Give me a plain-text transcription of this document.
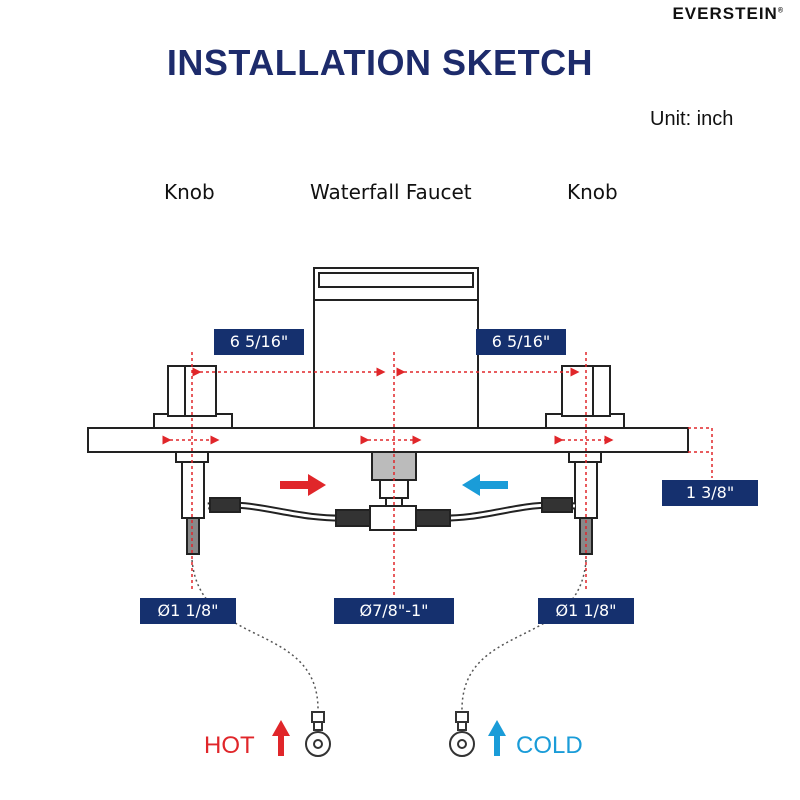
EVERSTEIN®
INSTALLATION SKETCH
Unit: inch
Knob	Waterfall Faucet	Knob
6 5/16"	6 5/16"
1 3/8"
Ø1 1/8"	Ø7/8"-1"	Ø1 1/8"
HOT	COLD
